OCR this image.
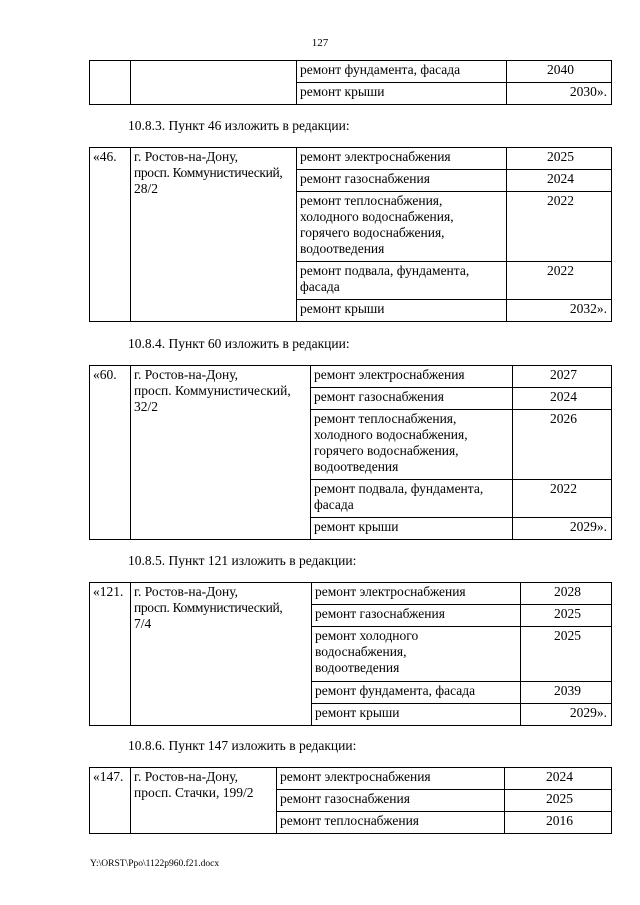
127
		ремонт фундамента, фасада	2040
		ремонт крыши	2030».
10.8.3. Пункт 46 изложить в редакции:
«46.	г. Ростов-на-Дону,
просп. Коммунистический,
28/2	ремонт электроснабжения	2025
		ремонт газоснабжения	2024

		ремонт теплоснабжения,
холодного водоснабжения,
горячего водоснабжения,
водоотведения	2022

		ремонт подвала, фундамента,
фасада	2022
		ремонт крыши	2032».
10.8.4. Пункт 60 изложить в редакции:
«60.	г. Ростов-на-Дону,
просп. Коммунистический,
32/2	ремонт электроснабжения	2027
		ремонт газоснабжения	2024

		ремонт теплоснабжения,
холодного водоснабжения,
горячего водоснабжения,
водоотведения	2026

		ремонт подвала, фундамента,
фасада	2022
		ремонт крыши	2029».
10.8.5. Пункт 121 изложить в редакции:
«121.	г. Ростов-на-Дону,
просп. Коммунистический,
7/4	ремонт электроснабжения	2028
		ремонт газоснабжения	2025

		ремонт холодного
водоснабжения,
водоотведения	2025
		ремонт фундамента, фасада	2039
		ремонт крыши	2029».
10.8.6. Пункт 147 изложить в редакции:
«147.	г. Ростов-на-Дону,
просп. Стачки, 199/2	ремонт электроснабжения	2024
		ремонт газоснабжения	2025
		ремонт теплоснабжения	2016
Y:\ORST\Ppo\1122p960.f21.docx
